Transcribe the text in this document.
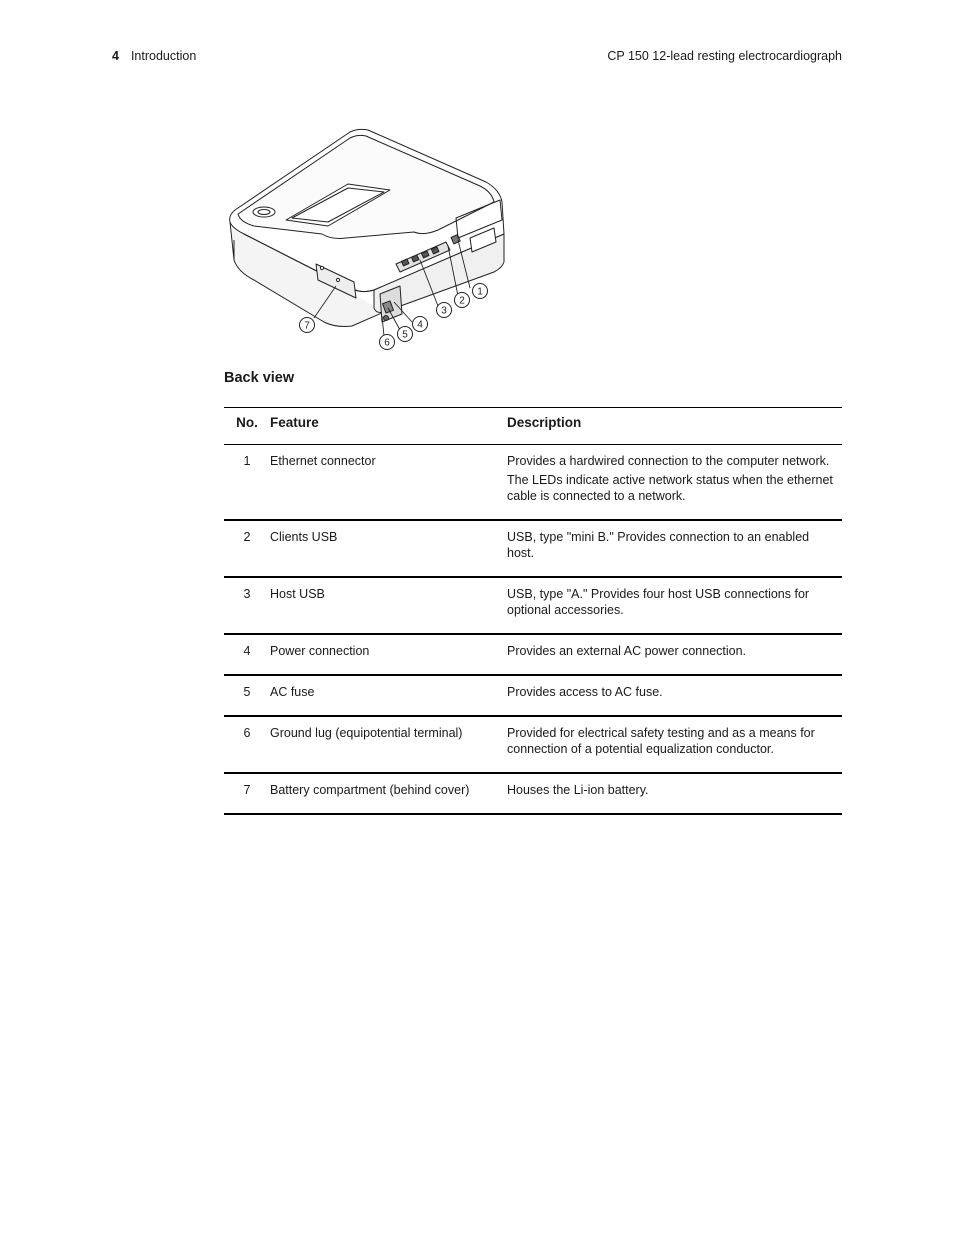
4 Introduction	CP 150 12-lead resting electrocardiograph
1
2
3
4
5
6
7
Back view
No.	Feature	Description
1	Ethernet connector	Provides a hardwired connection to the computer network.
The LEDs indicate active network status when the ethernet cable is connected to a network.

2	Clients USB	USB, type "mini B." Provides connection to an enabled host.

3	Host USB	USB, type "A." Provides four host USB connections for optional accessories.

4	Power connection	Provides an external AC power connection.

5	AC fuse	Provides access to AC fuse.

6	Ground lug (equipotential terminal)	Provided for electrical safety testing and as a means for connection of a potential equalization conductor.

7	Battery compartment (behind cover)	Houses the Li-ion battery.
